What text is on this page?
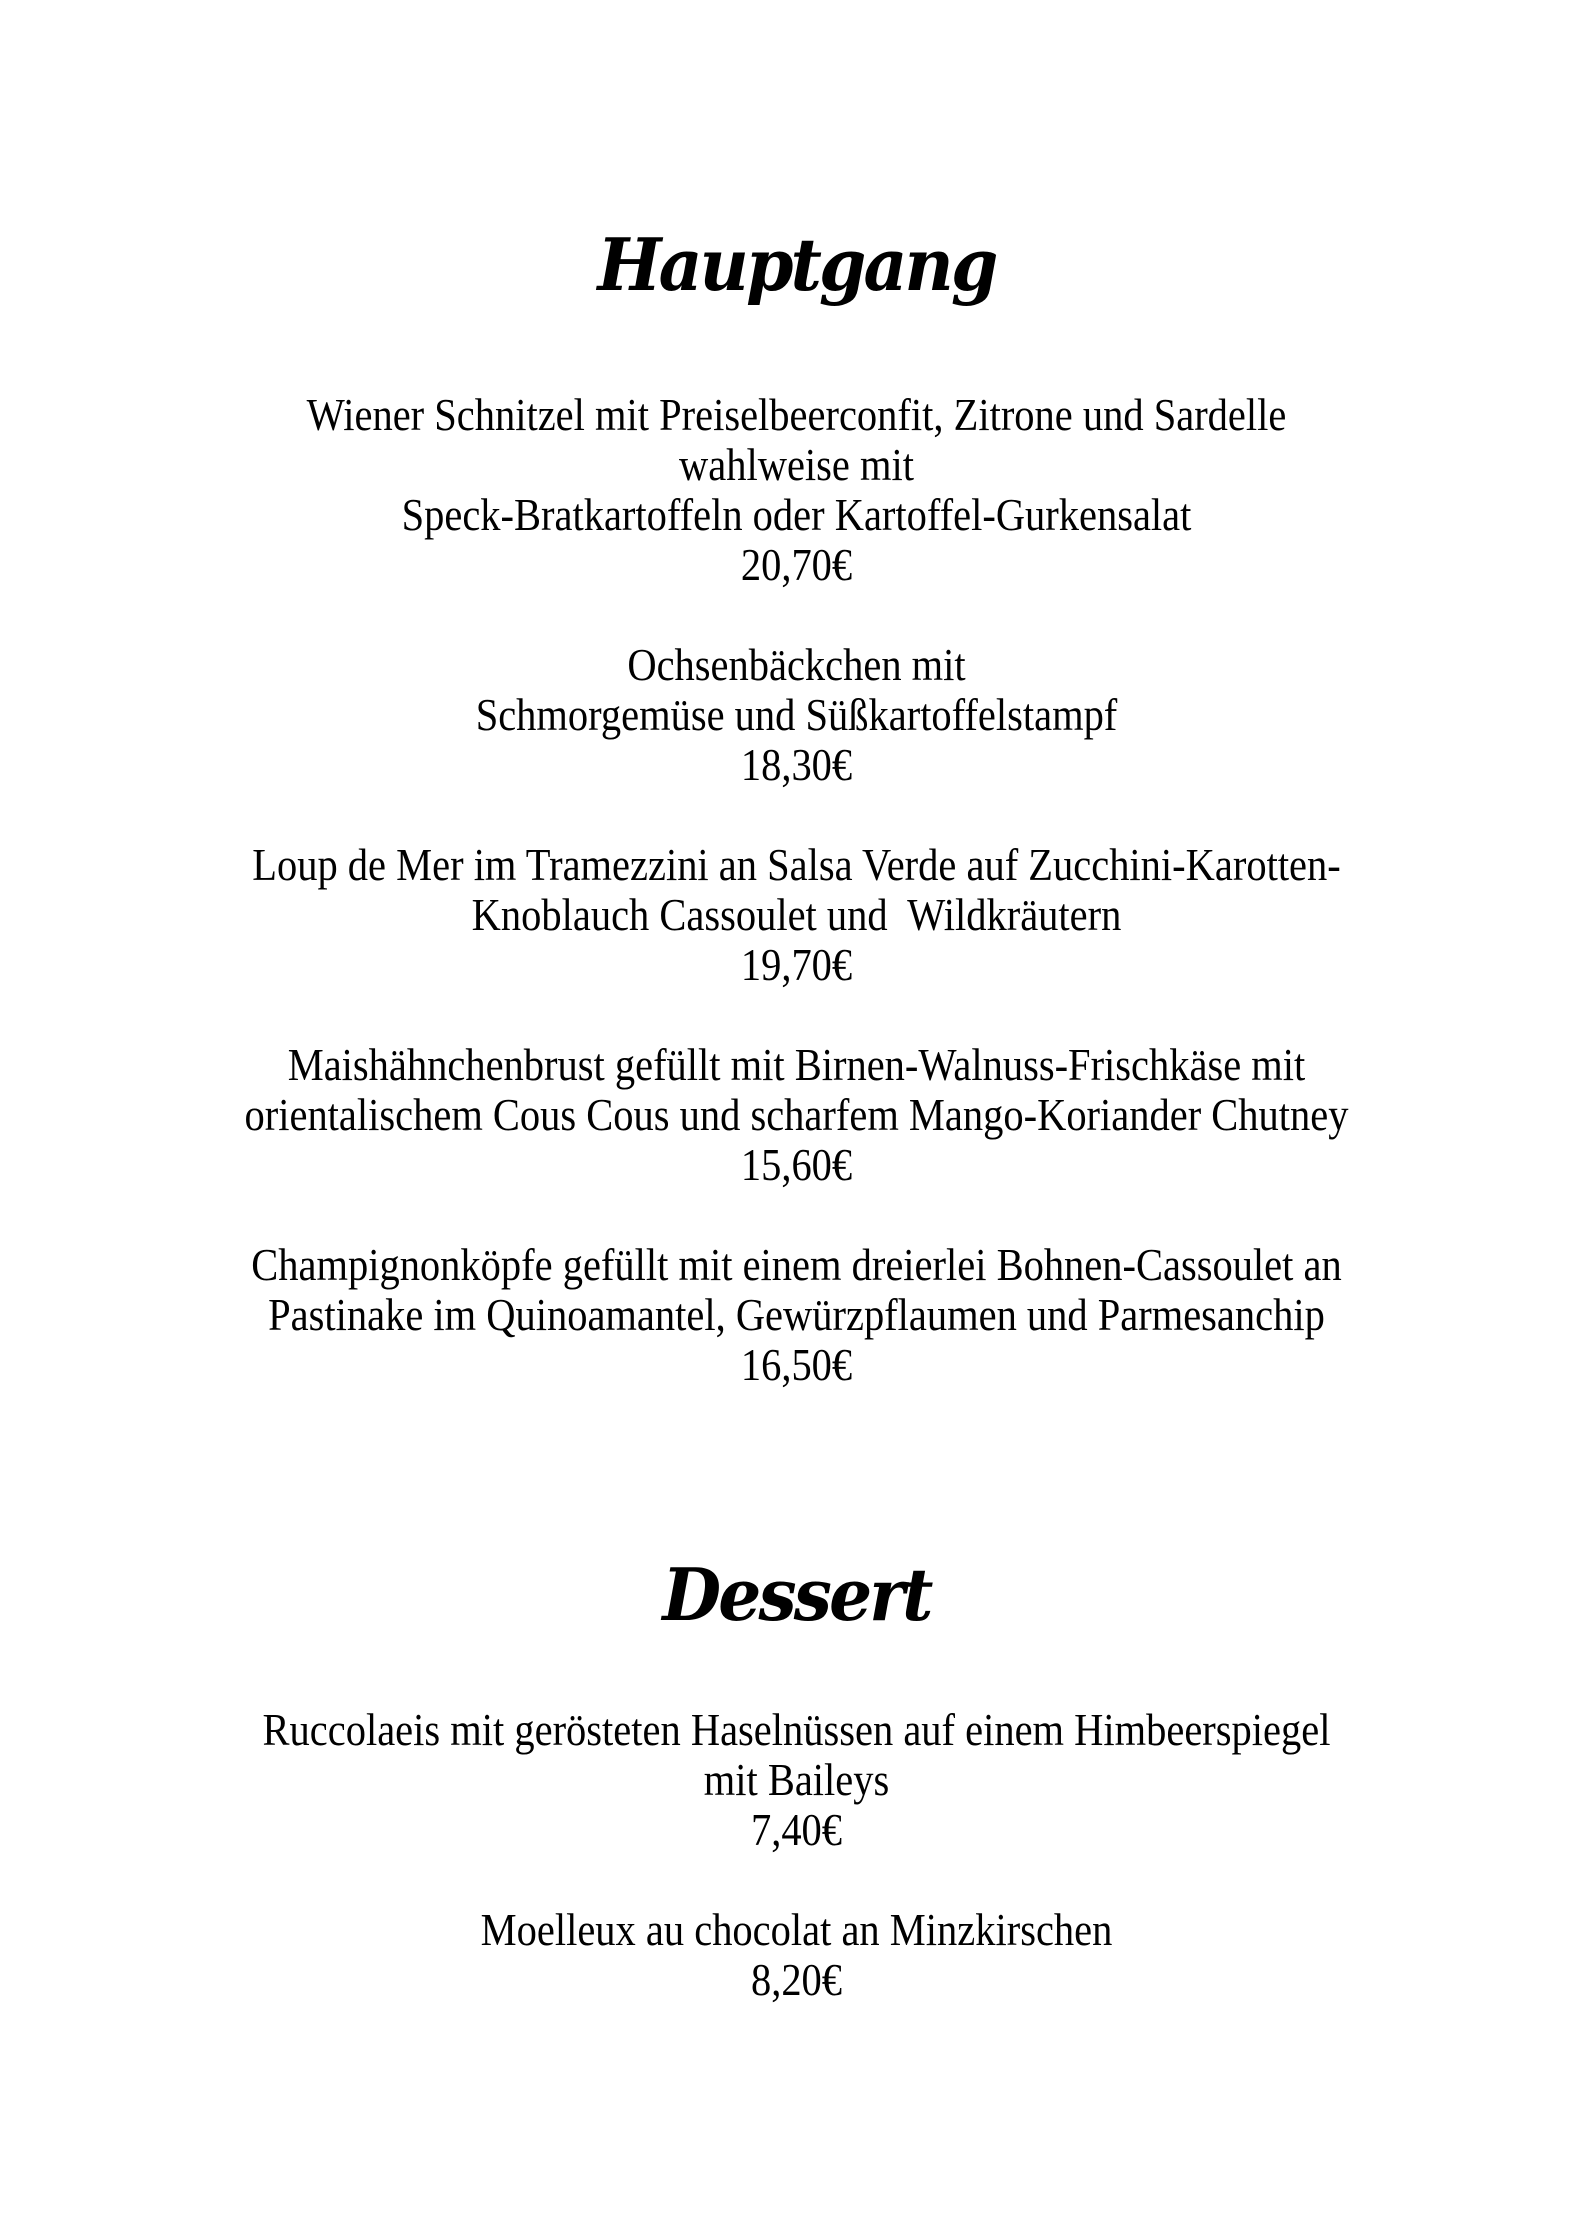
Hauptgang
Wiener Schnitzel mit Preiselbeerconfit, Zitrone und Sardelle
wahlweise mit
Speck-Bratkartoffeln oder Kartoffel-Gurkensalat
20,70€
Ochsenbäckchen mit
Schmorgemüse und Süßkartoffelstampf
18,30€
Loup de Mer im Tramezzini an Salsa Verde auf Zucchini-Karotten-
Knoblauch Cassoulet und  Wildkräutern
19,70€
Maishähnchenbrust gefüllt mit Birnen-Walnuss-Frischkäse mit
orientalischem Cous Cous und scharfem Mango-Koriander Chutney
15,60€
Champignonköpfe gefüllt mit einem dreierlei Bohnen-Cassoulet an
Pastinake im Quinoamantel, Gewürzpflaumen und Parmesanchip
16,50€
Dessert
Ruccolaeis mit gerösteten Haselnüssen auf einem Himbeerspiegel
mit Baileys
7,40€
Moelleux au chocolat an Minzkirschen
8,20€
